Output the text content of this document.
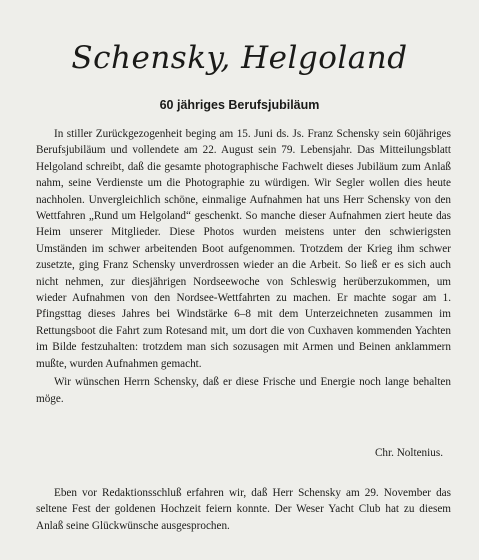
Schensky, Helgoland
60 jähriges Berufsjubiläum

In stiller Zurückgezogenheit beging am 15. Juni ds. Js. Franz Schensky sein 60jähriges Berufsjubiläum und vollendete am 22. August sein 79. Lebensjahr. Das Mitteilungsblatt Helgoland schreibt, daß die gesamte photographische Fachwelt dieses Jubiläum zum Anlaß nahm, seine Verdienste um die Photographie zu würdigen. Wir Segler wollen dies heute nachholen. Unvergleichlich schöne, einmalige Aufnahmen hat uns Herr Schensky von den Wettfahren „Rund um Helgoland“ geschenkt. So manche dieser Aufnahmen ziert heute das Heim unserer Mitglieder. Diese Photos wurden meistens unter den schwierigsten Umständen im schwer arbeitenden Boot aufgenommen. Trotzdem der Krieg ihm schwer zusetzte, ging Franz Schensky unverdrossen wieder an die Arbeit. So ließ er es sich auch nicht nehmen, zur diesjährigen Nordseewoche von Schleswig herüberzukommen, um wieder Aufnahmen von den Nordsee-Wettfahrten zu machen. Er machte sogar am 1. Pfingsttag dieses Jahres bei Windstärke 6–8 mit dem Unterzeichneten zusammen im Rettungsboot die Fahrt zum Rotesand mit, um dort die von Cuxhaven kommenden Yachten im Bilde festzuhalten: trotzdem man sich sozusagen mit Armen und Beinen anklammern mußte, wurden Aufnahmen gemacht.

Wir wünschen Herrn Schensky, daß er diese Frische und Energie noch lange behalten möge.

Chr. Noltenius.

Eben vor Redaktionsschluß erfahren wir, daß Herr Schensky am 29. November das seltene Fest der goldenen Hochzeit feiern konnte. Der Weser Yacht Club hat zu diesem Anlaß seine Glückwünsche ausgesprochen.
